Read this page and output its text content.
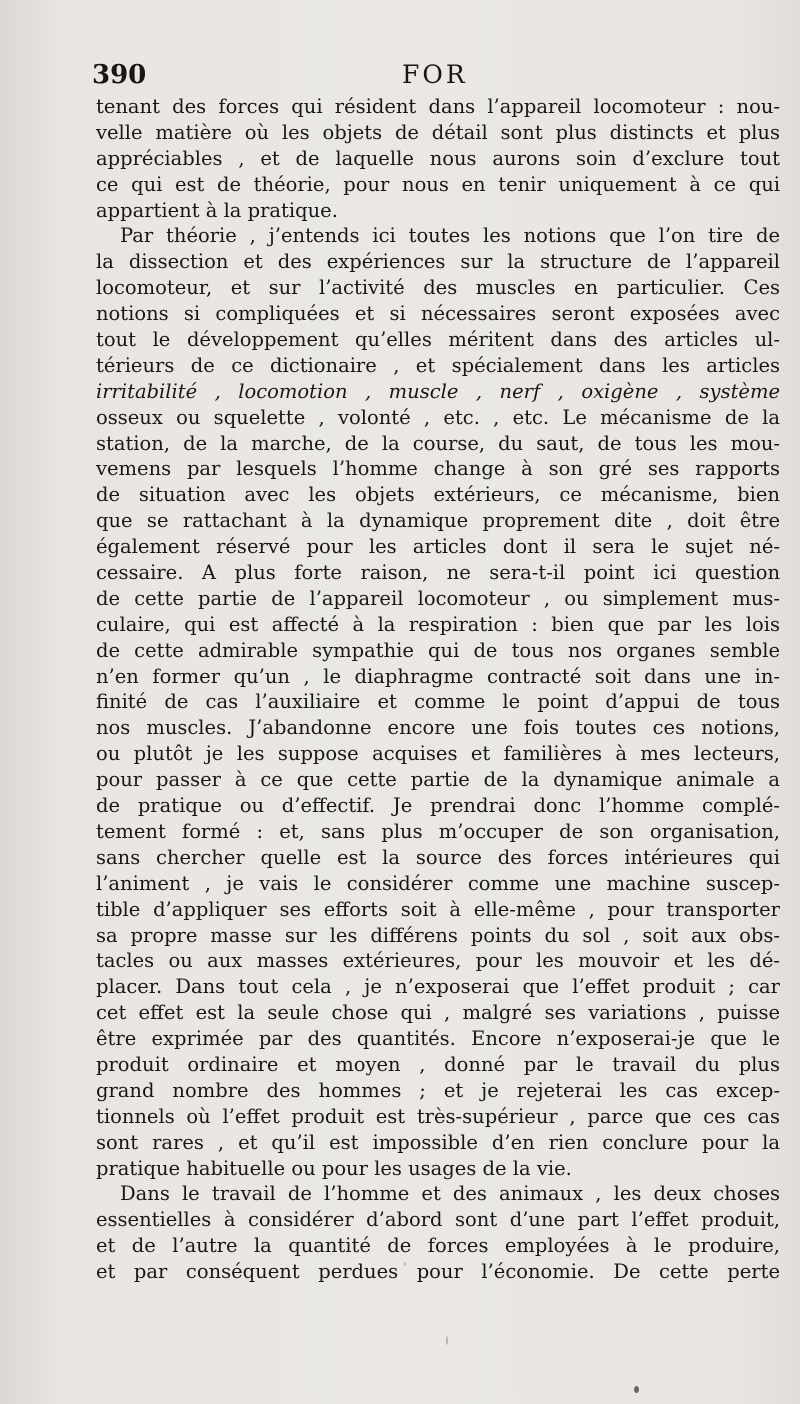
390	FOR
tenant des forces qui résident dans l’appareil locomoteur : nou-
velle matière où les objets de détail sont plus distincts et plus
appréciables , et de laquelle nous aurons soin d’exclure tout
ce qui est de théorie, pour nous en tenir uniquement à ce qui
appartient à la pratique.
Par théorie , j’entends ici toutes les notions que l’on tire de
la dissection et des expériences sur la structure de l’appareil
locomoteur, et sur l’activité des muscles en particulier. Ces
notions si compliquées et si nécessaires seront exposées avec
tout le développement qu’elles méritent dans des articles ul-
térieurs de ce dictionaire , et spécialement dans les articles
irritabilité , locomotion , muscle , nerf , oxigène , système
osseux ou squelette , volonté , etc. , etc. Le mécanisme de la
station, de la marche, de la course, du saut, de tous les mou-
vemens par lesquels l’homme change à son gré ses rapports
de situation avec les objets extérieurs, ce mécanisme, bien
que se rattachant à la dynamique proprement dite , doit être
également réservé pour les articles dont il sera le sujet né-
cessaire. A plus forte raison, ne sera-t-il point ici question
de cette partie de l’appareil locomoteur , ou simplement mus-
culaire, qui est affecté à la respiration : bien que par les lois
de cette admirable sympathie qui de tous nos organes semble
n’en former qu’un , le diaphragme contracté soit dans une in-
finité de cas l’auxiliaire et comme le point d’appui de tous
nos muscles. J’abandonne encore une fois toutes ces notions,
ou plutôt je les suppose acquises et familières à mes lecteurs,
pour passer à ce que cette partie de la dynamique animale a
de pratique ou d’effectif. Je prendrai donc l’homme complé-
tement formé : et, sans plus m’occuper de son organisation,
sans chercher quelle est la source des forces intérieures qui
l’animent , je vais le considérer comme une machine suscep-
tible d’appliquer ses efforts soit à elle-même , pour transporter
sa propre masse sur les différens points du sol , soit aux obs-
tacles ou aux masses extérieures, pour les mouvoir et les dé-
placer. Dans tout cela , je n’exposerai que l’effet produit ; car
cet effet est la seule chose qui , malgré ses variations , puisse
être exprimée par des quantités. Encore n’exposerai-je que le
produit ordinaire et moyen , donné par le travail du plus
grand nombre des hommes ; et je rejeterai les cas excep-
tionnels où l’effet produit est très-supérieur , parce que ces cas
sont rares , et qu’il est impossible d’en rien conclure pour la
pratique habituelle ou pour les usages de la vie.
Dans le travail de l’homme et des animaux , les deux choses
essentielles à considérer d’abord sont d’une part l’effet produit,
et de l’autre la quantité de forces employées à le produire,
et par conséquent perdues pour l’économie. De cette perte
